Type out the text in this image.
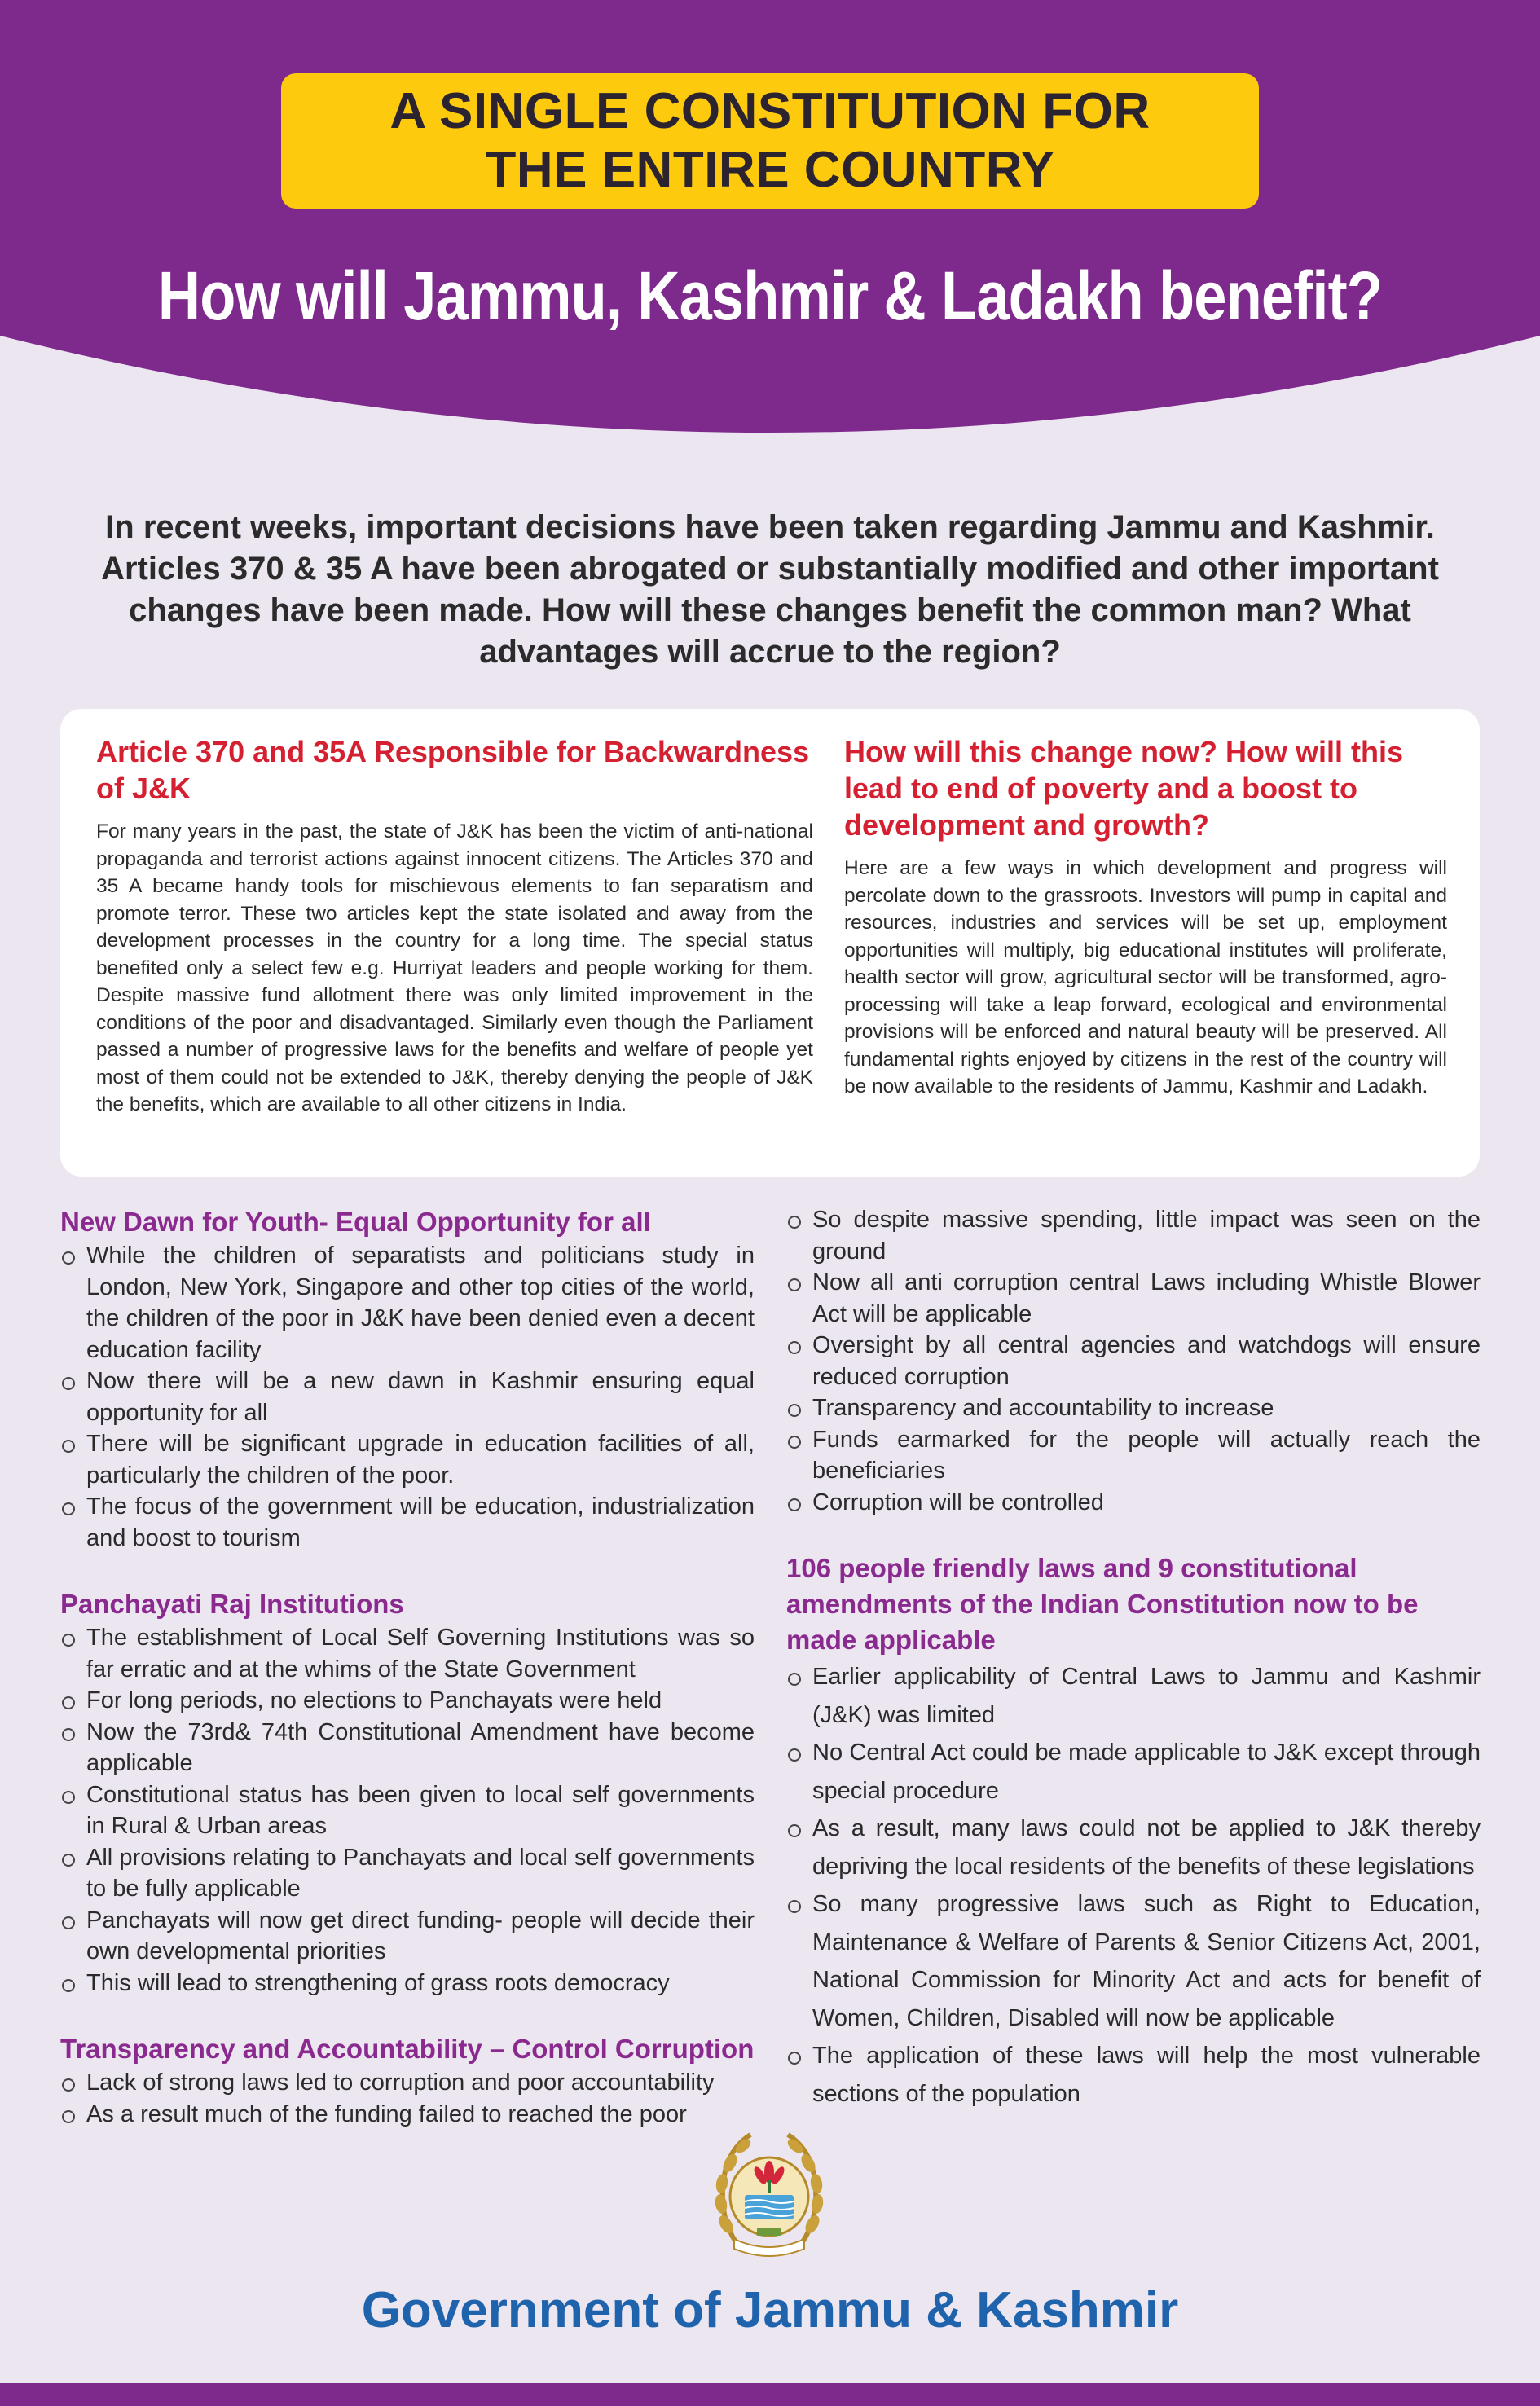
A SINGLE CONSTITUTION FOR
THE ENTIRE COUNTRY
How will Jammu, Kashmir & Ladakh benefit?
In recent weeks, important decisions have been taken regarding Jammu and Kashmir. Articles 370 & 35 A have been abrogated or substantially modified and other important changes have been made. How will these changes benefit the common man? What advantages will accrue to the region?
Article 370 and 35A Responsible for Backwardness of J&K
For many years in the past, the state of J&K has been the victim of anti-national propaganda and terrorist actions against innocent citizens. The Articles 370 and 35 A became handy tools for mischievous elements to fan separatism and promote terror. These two articles kept the state isolated and away from the development processes in the country for a long time. The special status benefited only a select few e.g. Hurriyat leaders and people working for them. Despite massive fund allotment there was only limited improvement in the conditions of the poor and disadvantaged. Similarly even though the Parliament passed a number of progressive laws for the benefits and welfare of people yet most of them could not be extended to J&K, thereby denying the people of J&K the benefits, which are available to all other citizens in India.
How will this change now? How will this lead to end of poverty and a boost to development and growth?
Here are a few ways in which development and progress will percolate down to the grassroots. Investors will pump in capital and resources, industries and services will be set up, employment opportunities will multiply, big educational institutes will proliferate, health sector will grow, agricultural sector will be transformed, agro-processing will take a leap forward, ecological and environmental provisions will be enforced and natural beauty will be preserved. All fundamental rights enjoyed by citizens in the rest of the country will be now available to the residents of Jammu, Kashmir and Ladakh.
New Dawn for Youth- Equal Opportunity for all
While the children of separatists and politicians study in London, New York, Singapore and other top cities of the world, the children of the poor in J&K have been denied even a decent education facility
Now there will be a new dawn in Kashmir ensuring equal opportunity for all
There will be significant upgrade in education facilities of all, particularly the children of the poor.
The focus of the government will be education, industrialization and boost to tourism
Panchayati Raj Institutions
The establishment of Local Self Governing Institutions was so far erratic and at the whims of the State Government
For long periods, no elections to Panchayats were held
Now the 73rd& 74th Constitutional Amendment have become applicable
Constitutional status has been given to local self governments in Rural & Urban areas
All provisions relating to Panchayats and local self governments to be fully applicable
Panchayats will now get direct funding- people will decide their own developmental priorities
This will lead to strengthening of grass roots democracy
Transparency and Accountability – Control Corruption
Lack of strong laws led to corruption and poor accountability
As a result much of the funding failed to reached the poor
So despite massive spending, little impact was seen on the ground
Now all anti corruption central Laws including Whistle Blower Act will be applicable
Oversight by all central agencies and watchdogs will ensure reduced corruption
Transparency and accountability to increase
Funds earmarked for the people will actually reach the beneficiaries
Corruption will be controlled
106 people friendly laws and 9 constitutional amendments of the Indian Constitution now to be made applicable
Earlier applicability of Central Laws to Jammu and Kashmir (J&K) was limited
No Central Act could be made applicable to J&K except through special procedure
As a result, many laws could not be applied to J&K thereby depriving the local residents of the benefits of these legislations
So many progressive laws such as Right to Education, Maintenance & Welfare of Parents & Senior Citizens Act, 2001, National Commission for Minority Act and acts for benefit of Women, Children, Disabled will now be applicable
The application of these laws will help the most vulnerable sections of the population
Government of Jammu & Kashmir
